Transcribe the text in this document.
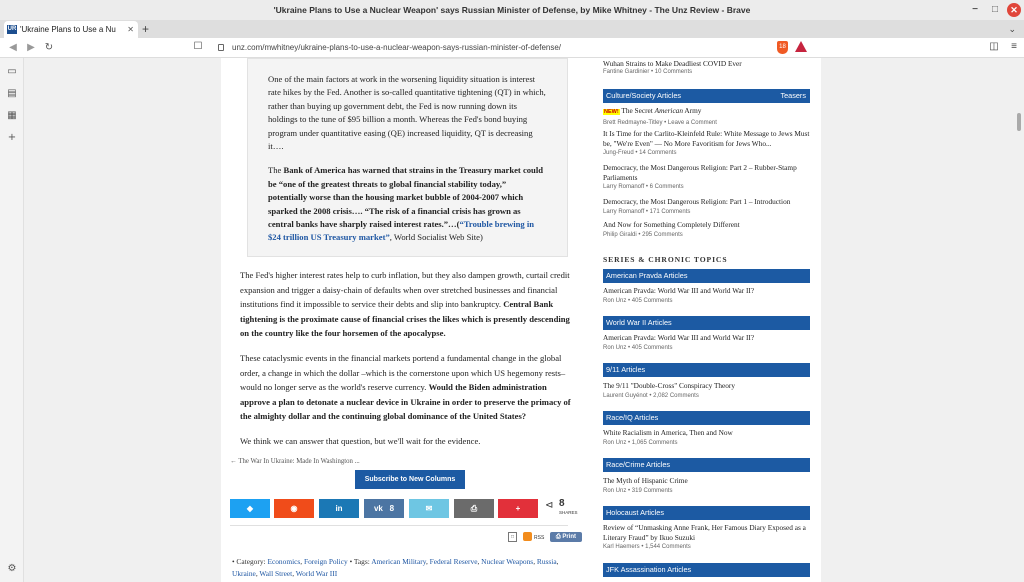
'Ukraine Plans to Use a Nuclear Weapon' says Russian Minister of Defense, by Mike Whitney - The Unz Review - Brave	−	□	✕
UR 'Ukraine Plans to Use a Nu ✕ +	⌄
◀	▶ ↻	☐	unz.com/mwhitney/ukraine-plans-to-use-a-nuclear-weapon-says-russian-minister-of-defense/	18	◫	≡
▭
▤
▦
+
⚙

One of the main factors at work in the worsening liquidity situation is interest rate hikes by the Fed. Another is so-called quantitative tightening (QT) in which, rather than buying up government debt, the Fed is now running down its holdings to the tune of $95 billion a month. Whereas the Fed's bond buying program under quantitative easing (QE) increased liquidity, QT is decreasing it….

The Bank of America has warned that strains in the Treasury market could be “one of the greatest threats to global financial stability today,” potentially worse than the housing market bubble of 2004-2007 which sparked the 2008 crisis…. “The risk of a financial crisis has grown as central banks have sharply raised interest rates.”…(“Trouble brewing in $24 trillion US Treasury market”, World Socialist Web Site)

The Fed's higher interest rates help to curb inflation, but they also dampen growth, curtail credit expansion and trigger a daisy-chain of defaults when over stretched businesses and financial institutions find it impossible to service their debts and slip into bankruptcy. Central Bank tightening is the proximate cause of financial crises the likes which is presently descending on the country like the four horsemen of the apocalypse.

These cataclysmic events in the financial markets portend a fundamental change in the global order, a change in which the dollar –which is the cornerstone upon which US hegemony rests– would no longer serve as the world's reserve currency. Would the Biden administration approve a plan to detonate a nuclear device in Ukraine in order to preserve the primacy of the almighty dollar and the continuing global dominance of the United States?

We think we can answer that question, but we'll wait for the evidence.

← The War In Ukraine: Made In Washington ...
Subscribe to New Columns
◆	◉	in	vk   8	✉	⎙	+	⊲ 8
SHARES
□	RSS	⎙ Print
• Category: Economics, Foreign Policy • Tags: American Military, Federal Reserve, Nuclear Weapons, Russia, Ukraine, Wall Street, World War III
Wuhan Strains to Make Deadliest COVID Ever
Fantine Gardinier • 10 Comments
Culture/Society Articles	Teasers
NEW! The Secret American Army
Brett Redmayne-Titley • Leave a Comment
It Is Time for the Carlito-Kleinfeld Rule: White Message to Jews Must be, "We're Even" — No More Favoritism for Jews Who...
Jung-Freud • 14 Comments
Democracy, the Most Dangerous Religion: Part 2 – Rubber-Stamp Parliaments
Larry Romanoff • 6 Comments
Democracy, the Most Dangerous Religion: Part 1 – Introduction
Larry Romanoff • 171 Comments
And Now for Something Completely Different
Philip Giraldi • 295 Comments
SERIES & CHRONIC TOPICS
American Pravda Articles
American Pravda: World War III and World War II?
Ron Unz • 405 Comments
World War II Articles
American Pravda: World War III and World War II?
Ron Unz • 405 Comments
9/11 Articles
The 9/11 "Double-Cross" Conspiracy Theory
Laurent Guyénot • 2,082 Comments
Race/IQ Articles
White Racialism in America, Then and Now
Ron Unz • 1,065 Comments
Race/Crime Articles
The Myth of Hispanic Crime
Ron Unz • 319 Comments
Holocaust Articles
Review of “Unmasking Anne Frank, Her Famous Diary Exposed as a Literary Fraud” by Ikuo Suzuki
Karl Haemers • 1,544 Comments
JFK Assassination Articles
